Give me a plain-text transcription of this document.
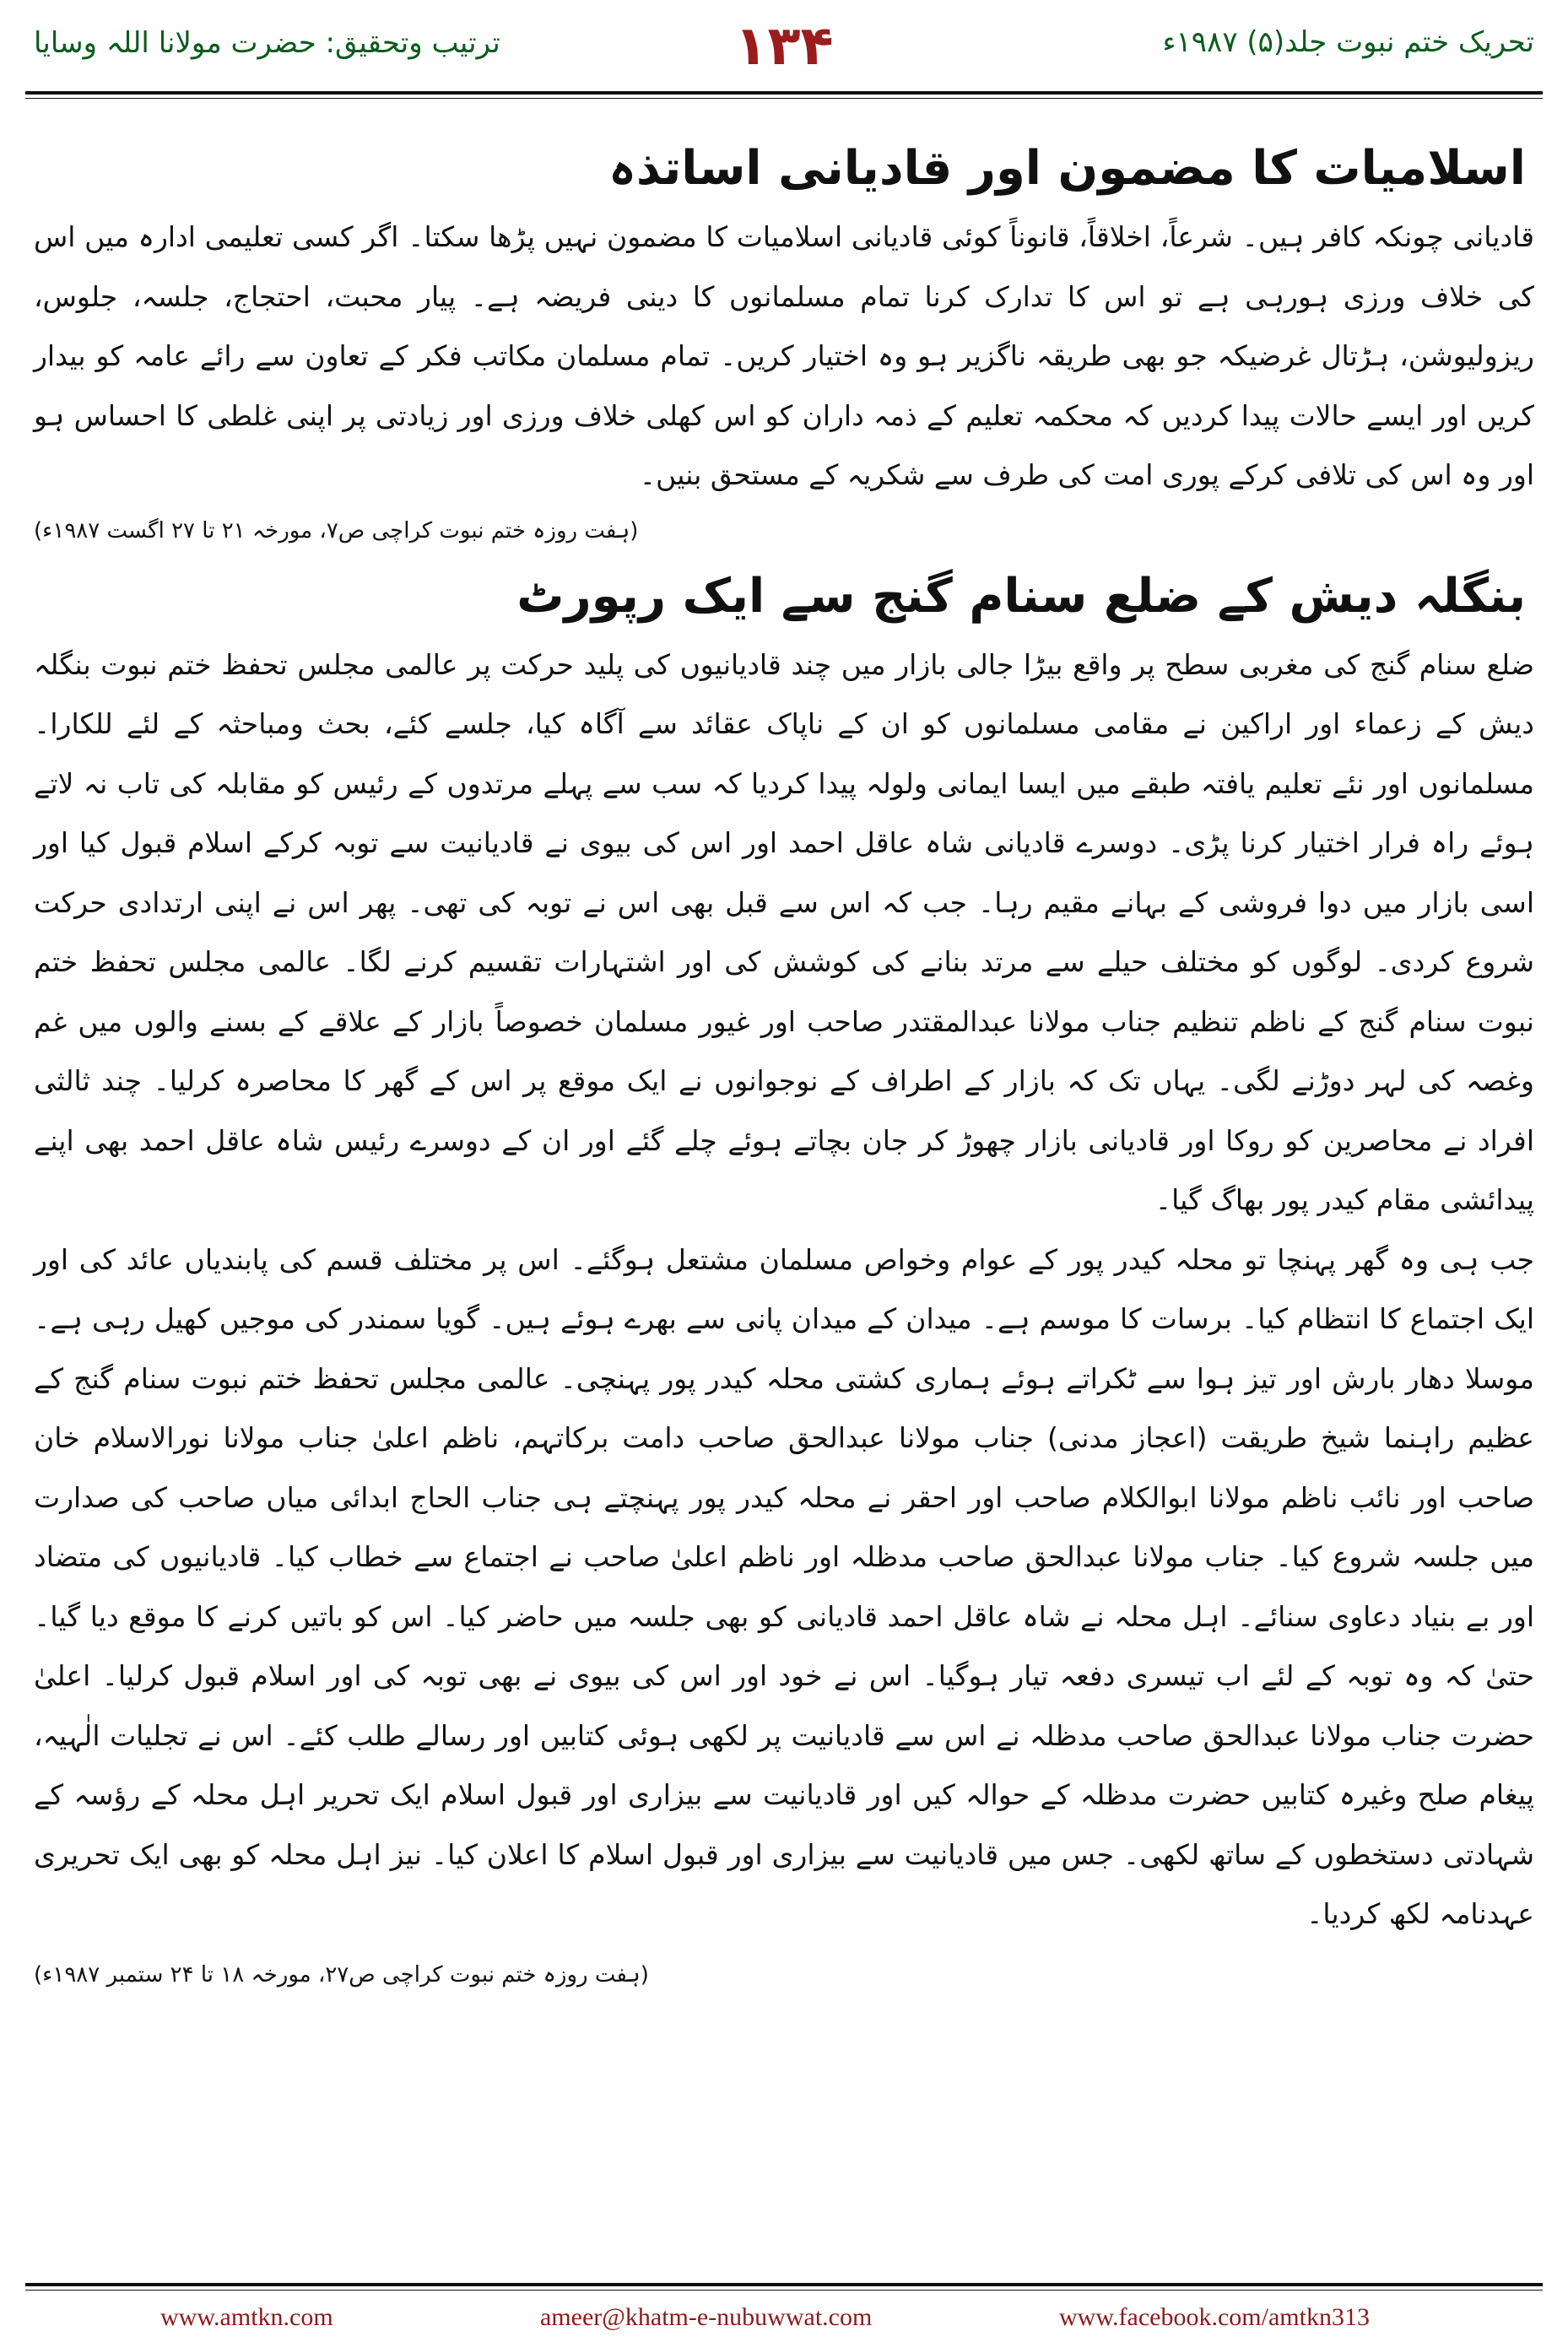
تحریک ختم نبوت جلد(۵) ۱۹۸۷ء
۱۳۴
ترتیب وتحقیق: حضرت مولانا اللہ وسایا
اسلامیات کا مضمون اور قادیانی اساتذہ

قادیانی چونکہ کافر ہیں۔ شرعاً، اخلاقاً، قانوناً کوئی قادیانی اسلامیات کا مضمون نہیں پڑھا سکتا۔ اگر کسی تعلیمی ادارہ میں اس کی خلاف ورزی ہورہی ہے تو اس کا تدارک کرنا تمام مسلمانوں کا دینی فریضہ ہے۔ پیار محبت، احتجاج، جلسہ، جلوس، ریزولیوشن، ہڑتال غرضیکہ جو بھی طریقہ ناگزیر ہو وہ اختیار کریں۔ تمام مسلمان مکاتب فکر کے تعاون سے رائے عامہ کو بیدار کریں اور ایسے حالات پیدا کردیں کہ محکمہ تعلیم کے ذمہ داران کو اس کھلی خلاف ورزی اور زیادتی پر اپنی غلطی کا احساس ہو اور وہ اس کی تلافی کرکے پوری امت کی طرف سے شکریہ کے مستحق بنیں۔

(ہفت روزہ ختم نبوت کراچی ص۷، مورخہ ۲۱ تا ۲۷ اگست ۱۹۸۷ء)
بنگلہ دیش کے ضلع سنام گنج سے ایک رپورٹ

ضلع سنام گنج کی مغربی سطح پر واقع بیڑا جالی بازار میں چند قادیانیوں کی پلید حرکت پر عالمی مجلس تحفظ ختم نبوت بنگلہ دیش کے زعماء اور اراکین نے مقامی مسلمانوں کو ان کے ناپاک عقائد سے آگاہ کیا، جلسے کئے، بحث ومباحثہ کے لئے للکارا۔ مسلمانوں اور نئے تعلیم یافتہ طبقے میں ایسا ایمانی ولولہ پیدا کردیا کہ سب سے پہلے مرتدوں کے رئیس کو مقابلہ کی تاب نہ لاتے ہوئے راہ فرار اختیار کرنا پڑی۔ دوسرے قادیانی شاہ عاقل احمد اور اس کی بیوی نے قادیانیت سے توبہ کرکے اسلام قبول کیا اور اسی بازار میں دوا فروشی کے بہانے مقیم رہا۔ جب کہ اس سے قبل بھی اس نے توبہ کی تھی۔ پھر اس نے اپنی ارتدادی حرکت شروع کردی۔ لوگوں کو مختلف حیلے سے مرتد بنانے کی کوشش کی اور اشتہارات تقسیم کرنے لگا۔ عالمی مجلس تحفظ ختم نبوت سنام گنج کے ناظم تنظیم جناب مولانا عبدالمقتدر صاحب اور غیور مسلمان خصوصاً بازار کے علاقے کے بسنے والوں میں غم وغصہ کی لہر دوڑنے لگی۔ یہاں تک کہ بازار کے اطراف کے نوجوانوں نے ایک موقع پر اس کے گھر کا محاصرہ کرلیا۔ چند ثالثی افراد نے محاصرین کو روکا اور قادیانی بازار چھوڑ کر جان بچاتے ہوئے چلے گئے اور ان کے دوسرے رئیس شاہ عاقل احمد بھی اپنے پیدائشی مقام کیدر پور بھاگ گیا۔

جب ہی وہ گھر پہنچا تو محلہ کیدر پور کے عوام وخواص مسلمان مشتعل ہوگئے۔ اس پر مختلف قسم کی پابندیاں عائد کی اور ایک اجتماع کا انتظام کیا۔ برسات کا موسم ہے۔ میدان کے میدان پانی سے بھرے ہوئے ہیں۔ گویا سمندر کی موجیں کھیل رہی ہے۔ موسلا دھار بارش اور تیز ہوا سے ٹکراتے ہوئے ہماری کشتی محلہ کیدر پور پہنچی۔ عالمی مجلس تحفظ ختم نبوت سنام گنج کے عظیم راہنما شیخ طریقت (اعجاز مدنی) جناب مولانا عبدالحق صاحب دامت برکاتہم، ناظم اعلیٰ جناب مولانا نورالاسلام خان صاحب اور نائب ناظم مولانا ابوالکلام صاحب اور احقر نے محلہ کیدر پور پہنچتے ہی جناب الحاج ابدائی میاں صاحب کی صدارت میں جلسہ شروع کیا۔ جناب مولانا عبدالحق صاحب مدظلہ اور ناظم اعلیٰ صاحب نے اجتماع سے خطاب کیا۔ قادیانیوں کی متضاد اور بے بنیاد دعاوی سنائے۔ اہل محلہ نے شاہ عاقل احمد قادیانی کو بھی جلسہ میں حاضر کیا۔ اس کو باتیں کرنے کا موقع دیا گیا۔ حتیٰ کہ وہ توبہ کے لئے اب تیسری دفعہ تیار ہوگیا۔ اس نے خود اور اس کی بیوی نے بھی توبہ کی اور اسلام قبول کرلیا۔ اعلیٰ حضرت جناب مولانا عبدالحق صاحب مدظلہ نے اس سے قادیانیت پر لکھی ہوئی کتابیں اور رسالے طلب کئے۔ اس نے تجلیات الٰہیہ، پیغام صلح وغیرہ کتابیں حضرت مدظلہ کے حوالہ کیں اور قادیانیت سے بیزاری اور قبول اسلام ایک تحریر اہل محلہ کے رؤسہ کے شہادتی دستخطوں کے ساتھ لکھی۔ جس میں قادیانیت سے بیزاری اور قبول اسلام کا اعلان کیا۔ نیز اہل محلہ کو بھی ایک تحریری عہدنامہ لکھ کردیا۔

(ہفت روزہ ختم نبوت کراچی ص۲۷، مورخہ ۱۸ تا ۲۴ ستمبر ۱۹۸۷ء)
www.amtkn.com	ameer@khatm-e-nubuwwat.com	www.facebook.com/amtkn313
